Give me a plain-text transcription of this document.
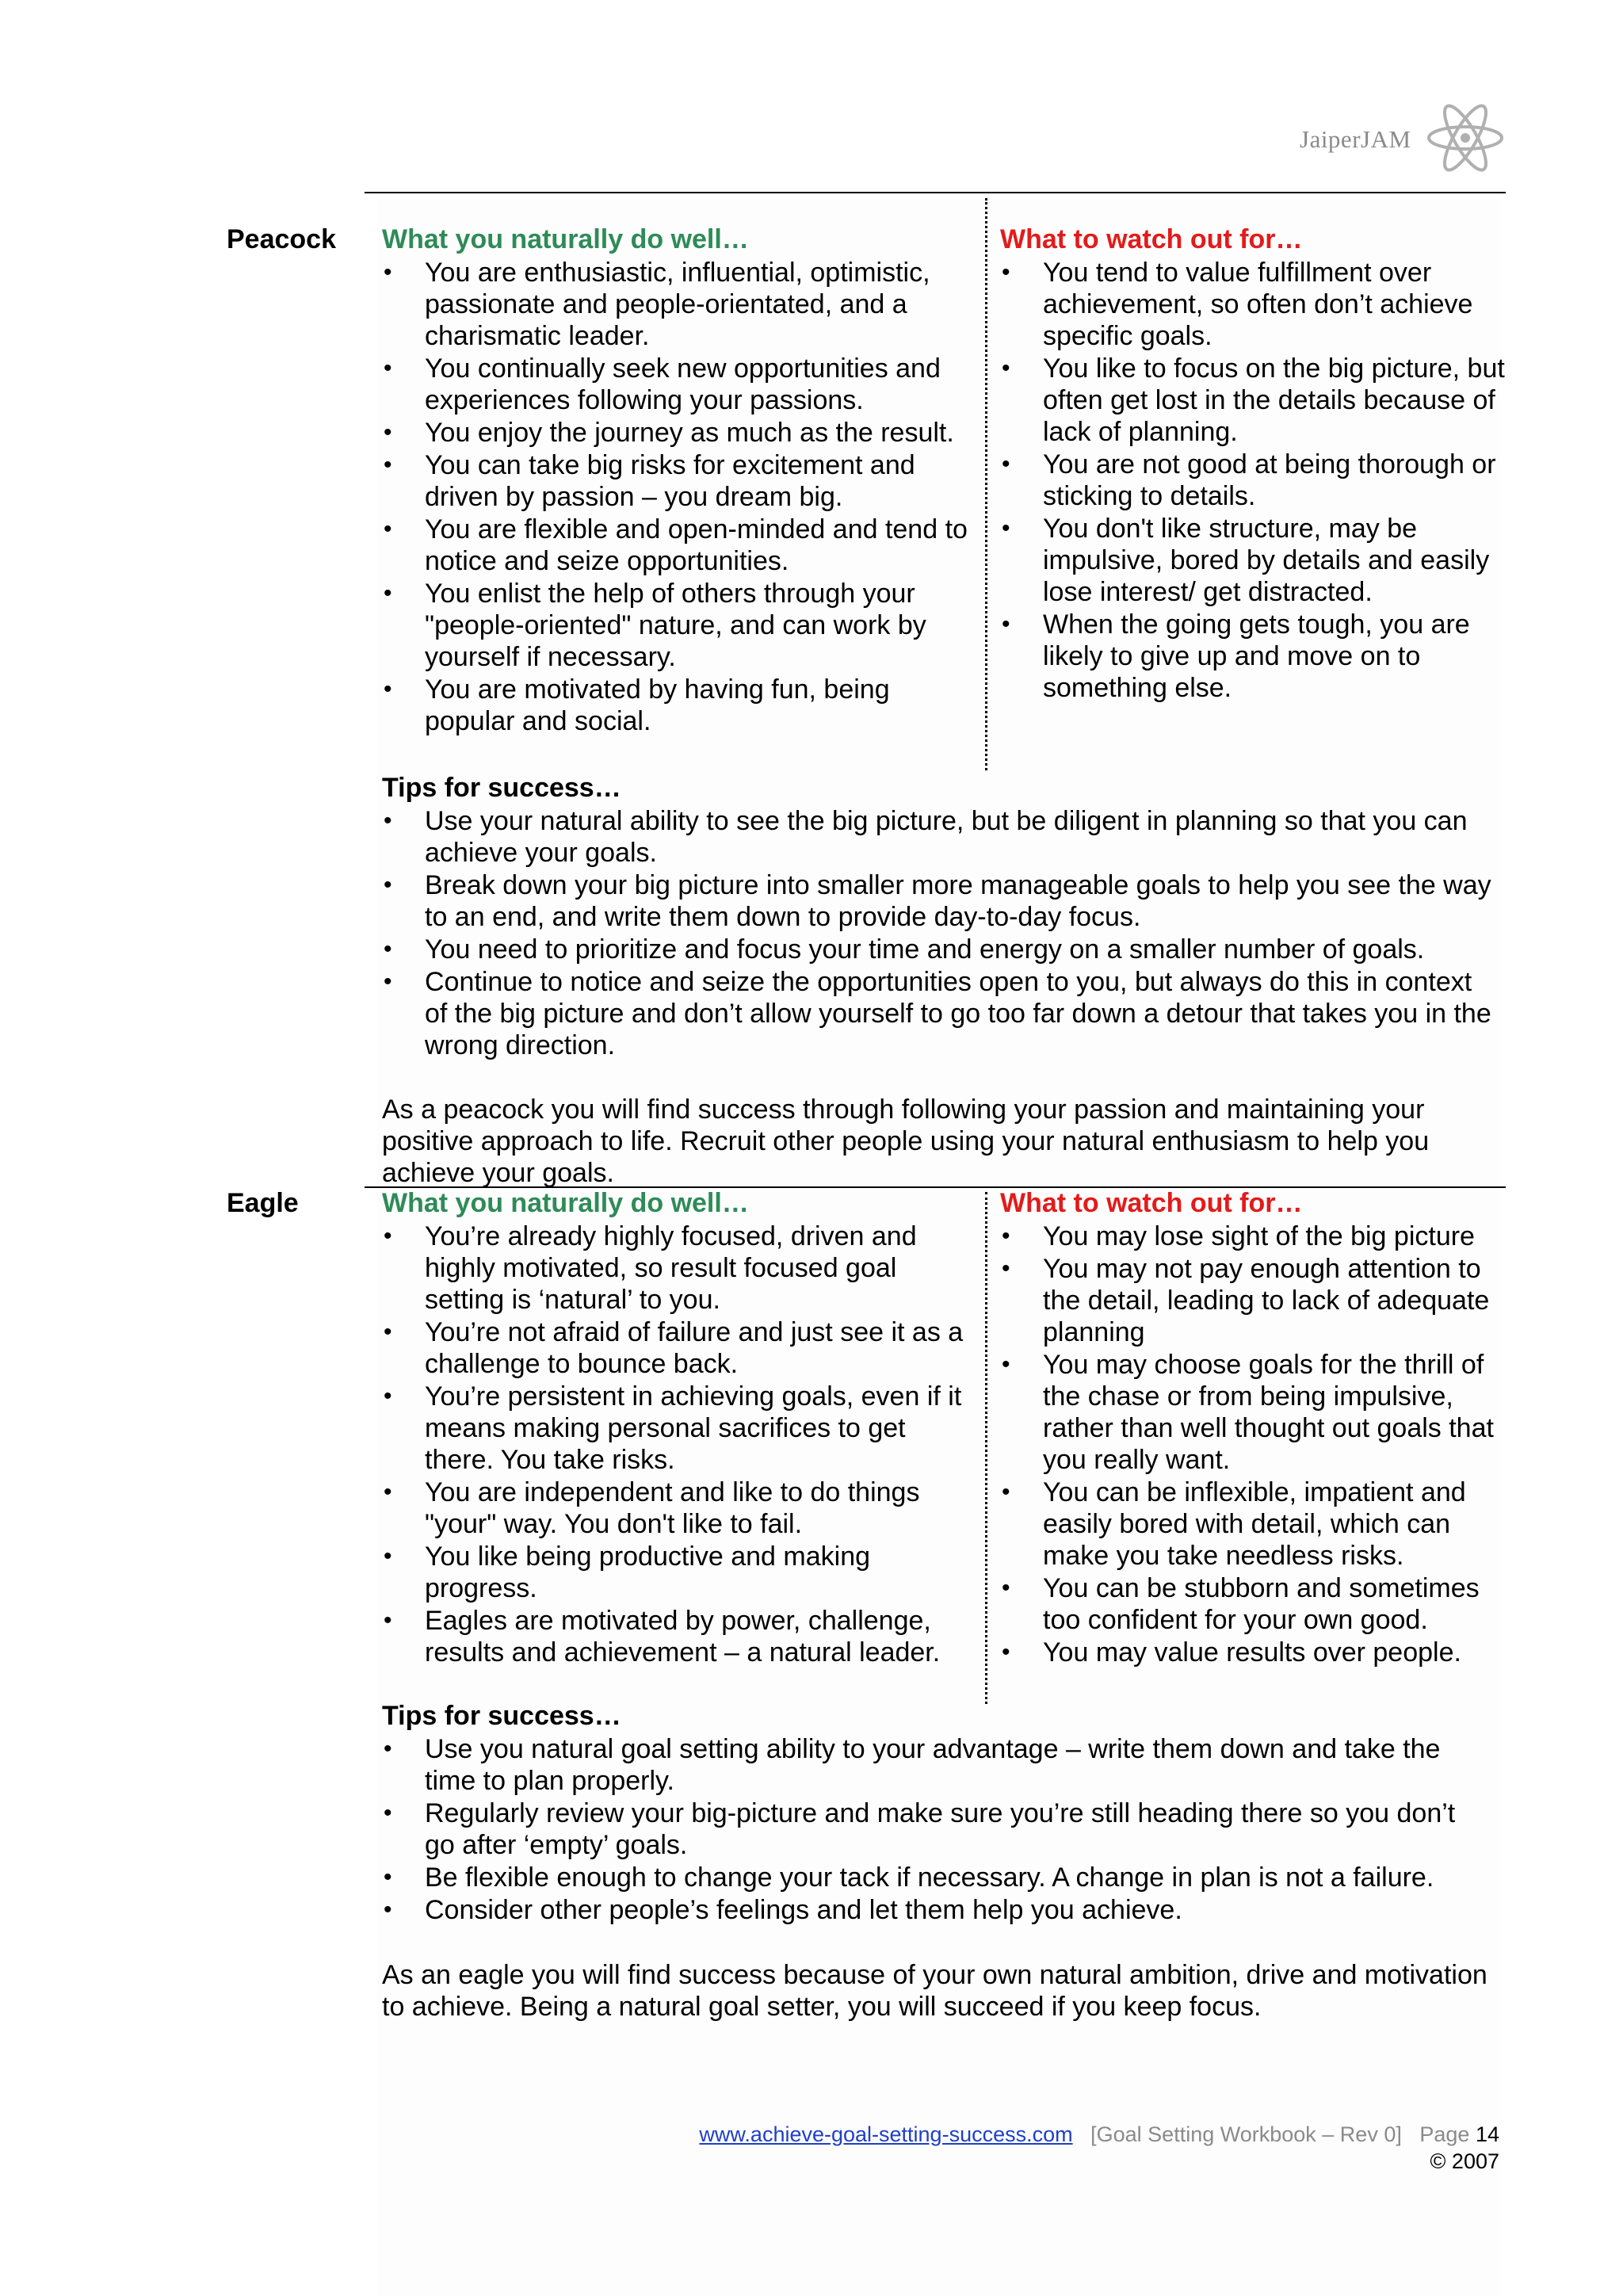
JaiperJAM
Peacock What you naturally do well…
• You are enthusiastic, influential, optimistic, passionate and people-orientated, and a charismatic leader.
• You continually seek new opportunities and experiences following your passions.
• You enjoy the journey as much as the result.
• You can take big risks for excitement and driven by passion – you dream big.
• You are flexible and open-minded and tend to notice and seize opportunities.
• You enlist the help of others through your "people-oriented" nature, and can work by yourself if necessary.
• You are motivated by having fun, being popular and social.
What to watch out for…
• You tend to value fulfillment over achievement, so often don’t achieve specific goals.
• You like to focus on the big picture, but often get lost in the details because of lack of planning.
• You are not good at being thorough or sticking to details.
• You don't like structure, may be impulsive, bored by details and easily lose interest/ get distracted.
• When the going gets tough, you are likely to give up and move on to something else.
Tips for success…
• Use your natural ability to see the big picture, but be diligent in planning so that you can achieve your goals.
• Break down your big picture into smaller more manageable goals to help you see the way to an end, and write them down to provide day-to-day focus.
• You need to prioritize and focus your time and energy on a smaller number of goals.
• Continue to notice and seize the opportunities open to you, but always do this in context of the big picture and don’t allow yourself to go too far down a detour that takes you in the wrong direction.
As a peacock you will find success through following your passion and maintaining your positive approach to life. Recruit other people using your natural enthusiasm to help you achieve your goals.
Eagle	What you naturally do well…
• You’re already highly focused, driven and highly motivated, so result focused goal setting is ‘natural’ to you.
• You’re not afraid of failure and just see it as a challenge to bounce back.
• You’re persistent in achieving goals, even if it means making personal sacrifices to get there. You take risks.
• You are independent and like to do things "your" way. You don't like to fail.
• You like being productive and making progress.
• Eagles are motivated by power, challenge, results and achievement – a natural leader.
What to watch out for…
• You may lose sight of the big picture
• You may not pay enough attention to the detail, leading to lack of adequate planning
• You may choose goals for the thrill of the chase or from being impulsive, rather than well thought out goals that you really want.
• You can be inflexible, impatient and easily bored with detail, which can make you take needless risks.
• You can be stubborn and sometimes too confident for your own good.
• You may value results over people.
Tips for success…
• Use you natural goal setting ability to your advantage – write them down and take the time to plan properly.
• Regularly review your big-picture and make sure you’re still heading there so you don’t go after ‘empty’ goals.
• Be flexible enough to change your tack if necessary. A change in plan is not a failure.
• Consider other people’s feelings and let them help you achieve.
As an eagle you will find success because of your own natural ambition, drive and motivation to achieve. Being a natural goal setter, you will succeed if you keep focus.
www.achieve-goal-setting-success.com [Goal Setting Workbook – Rev 0] Page 14
© 2007
